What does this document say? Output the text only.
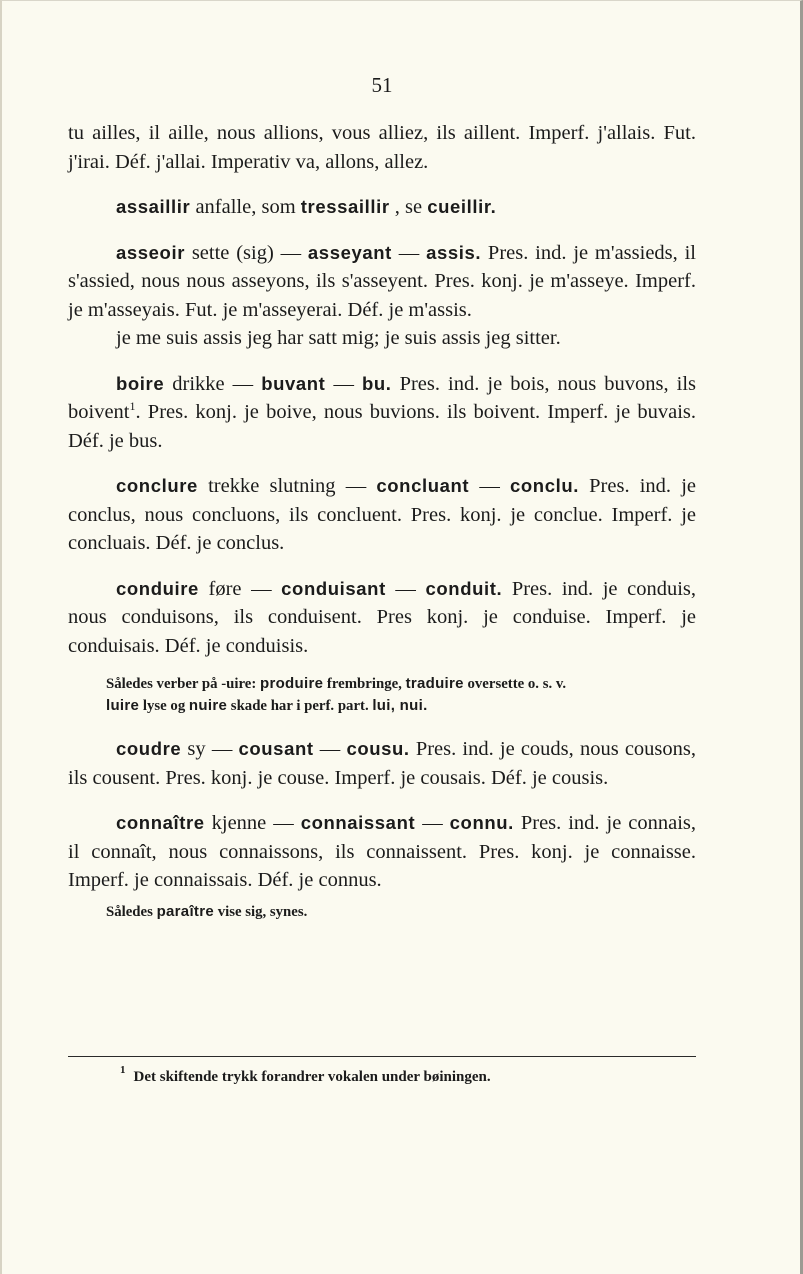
51

tu ailles, il aille, nous allions, vous alliez, ils aillent. Imperf. j'allais. Fut. j'irai. Déf. j'allai. Imperativ va, allons, allez.

assaillir anfalle, som tressaillir , se cueillir.

asseoir sette (sig) — asseyant — assis. Pres. ind. je m'assieds, il s'assied, nous nous asseyons, ils s'asseyent. Pres. konj. je m'asseye. Imperf. je m'asseyais. Fut. je m'asseyerai. Déf. je m'assis.
je me suis assis jeg har satt mig; je suis assis jeg sitter.

boire drikke — buvant — bu. Pres. ind. je bois, nous buvons, ils boivent$^1$. Pres. konj. je boive, nous buvions. ils boivent. Imperf. je buvais. Déf. je bus.

conclure trekke slutning — concluant — conclu. Pres. ind. je conclus, nous concluons, ils concluent. Pres. konj. je conclue. Imperf. je concluais. Déf. je conclus.

conduire føre — conduisant — conduit. Pres. ind. je conduis, nous conduisons, ils conduisent. Pres konj. je conduise. Imperf. je conduisais. Déf. je conduisis.

Således verber på -uire: produire frembringe, traduire oversette o. s. v.
luire lyse og nuire skade har i perf. part. lui, nui.

coudre sy — cousant — cousu. Pres. ind. je couds, nous cousons, ils cousent. Pres. konj. je couse. Imperf. je cousais. Déf. je cousis.

connaître kjenne — connaissant — connu. Pres. ind. je connais, il connaît, nous connaissons, ils connaissent. Pres. konj. je connaisse. Imperf. je connaissais. Déf. je connus.

Således paraître vise sig, synes.

$^1$ Det skiftende trykk forandrer vokalen under bøiningen.
